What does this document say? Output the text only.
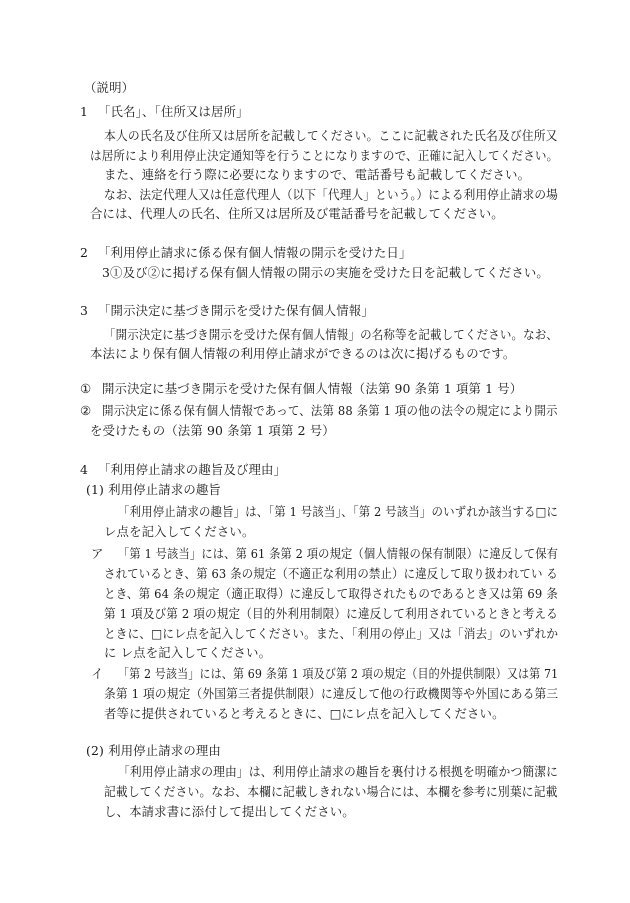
（説明）
1 「氏名」、「住所又は居所」
本人の氏名及び住所又は居所を記載してください。ここに記載された氏名及び住所又
は居所により利用停止決定通知等を行うことになりますので、正確に記入してください。
また、連絡を行う際に必要になりますので、電話番号も記載してください。
なお、法定代理人又は任意代理人（以下「代理人」という。）による利用停止請求の場
合には、代理人の氏名、住所又は居所及び電話番号を記載してください。
2 「利用停止請求に係る保有個人情報の開示を受けた日」
3①及び②に掲げる保有個人情報の開示の実施を受けた日を記載してください。
3 「開示決定に基づき開示を受けた保有個人情報」
「開示決定に基づき開示を受けた保有個人情報」の名称等を記載してください。なお、
本法により保有個人情報の利用停止請求ができるのは次に掲げるものです。
① 開示決定に基づき開示を受けた保有個人情報（法第 90 条第 1 項第 1 号）
② 開示決定に係る保有個人情報であって、法第 88 条第 1 項の他の法令の規定により開示
を受けたもの（法第 90 条第 1 項第 2 号）
4 「利用停止請求の趣旨及び理由」
(1) 利用停止請求の趣旨
「利用停止請求の趣旨」は、「第 1 号該当」、「第 2 号該当」のいずれか該当する□に
レ点を記入してください。
ア 「第 1 号該当」には、第 61 条第 2 項の規定（個人情報の保有制限）に違反して保有
されているとき、第 63 条の規定（不適正な利用の禁止）に違反して取り扱われてい る
とき、第 64 条の規定（適正取得）に違反して取得されたものであるとき又は第 69 条
第 1 項及び第 2 項の規定（目的外利用制限）に違反して利用されているときと考える
ときに、□にレ点を記入してください。また、「利用の停止」又は「消去」のいずれか
に レ点を記入してください。
イ 「第 2 号該当」には、第 69 条第 1 項及び第 2 項の規定（目的外提供制限）又は第 71
条第 1 項の規定（外国第三者提供制限）に違反して他の行政機関等や外国にある第三
者等に提供されていると考えるときに、□にレ点を記入してください。
(2) 利用停止請求の理由
「利用停止請求の理由」は、利用停止請求の趣旨を裏付ける根拠を明確かつ簡潔に
記載してください。なお、本欄に記載しきれない場合には、本欄を参考に別葉に記載
し、本請求書に添付して提出してください。
